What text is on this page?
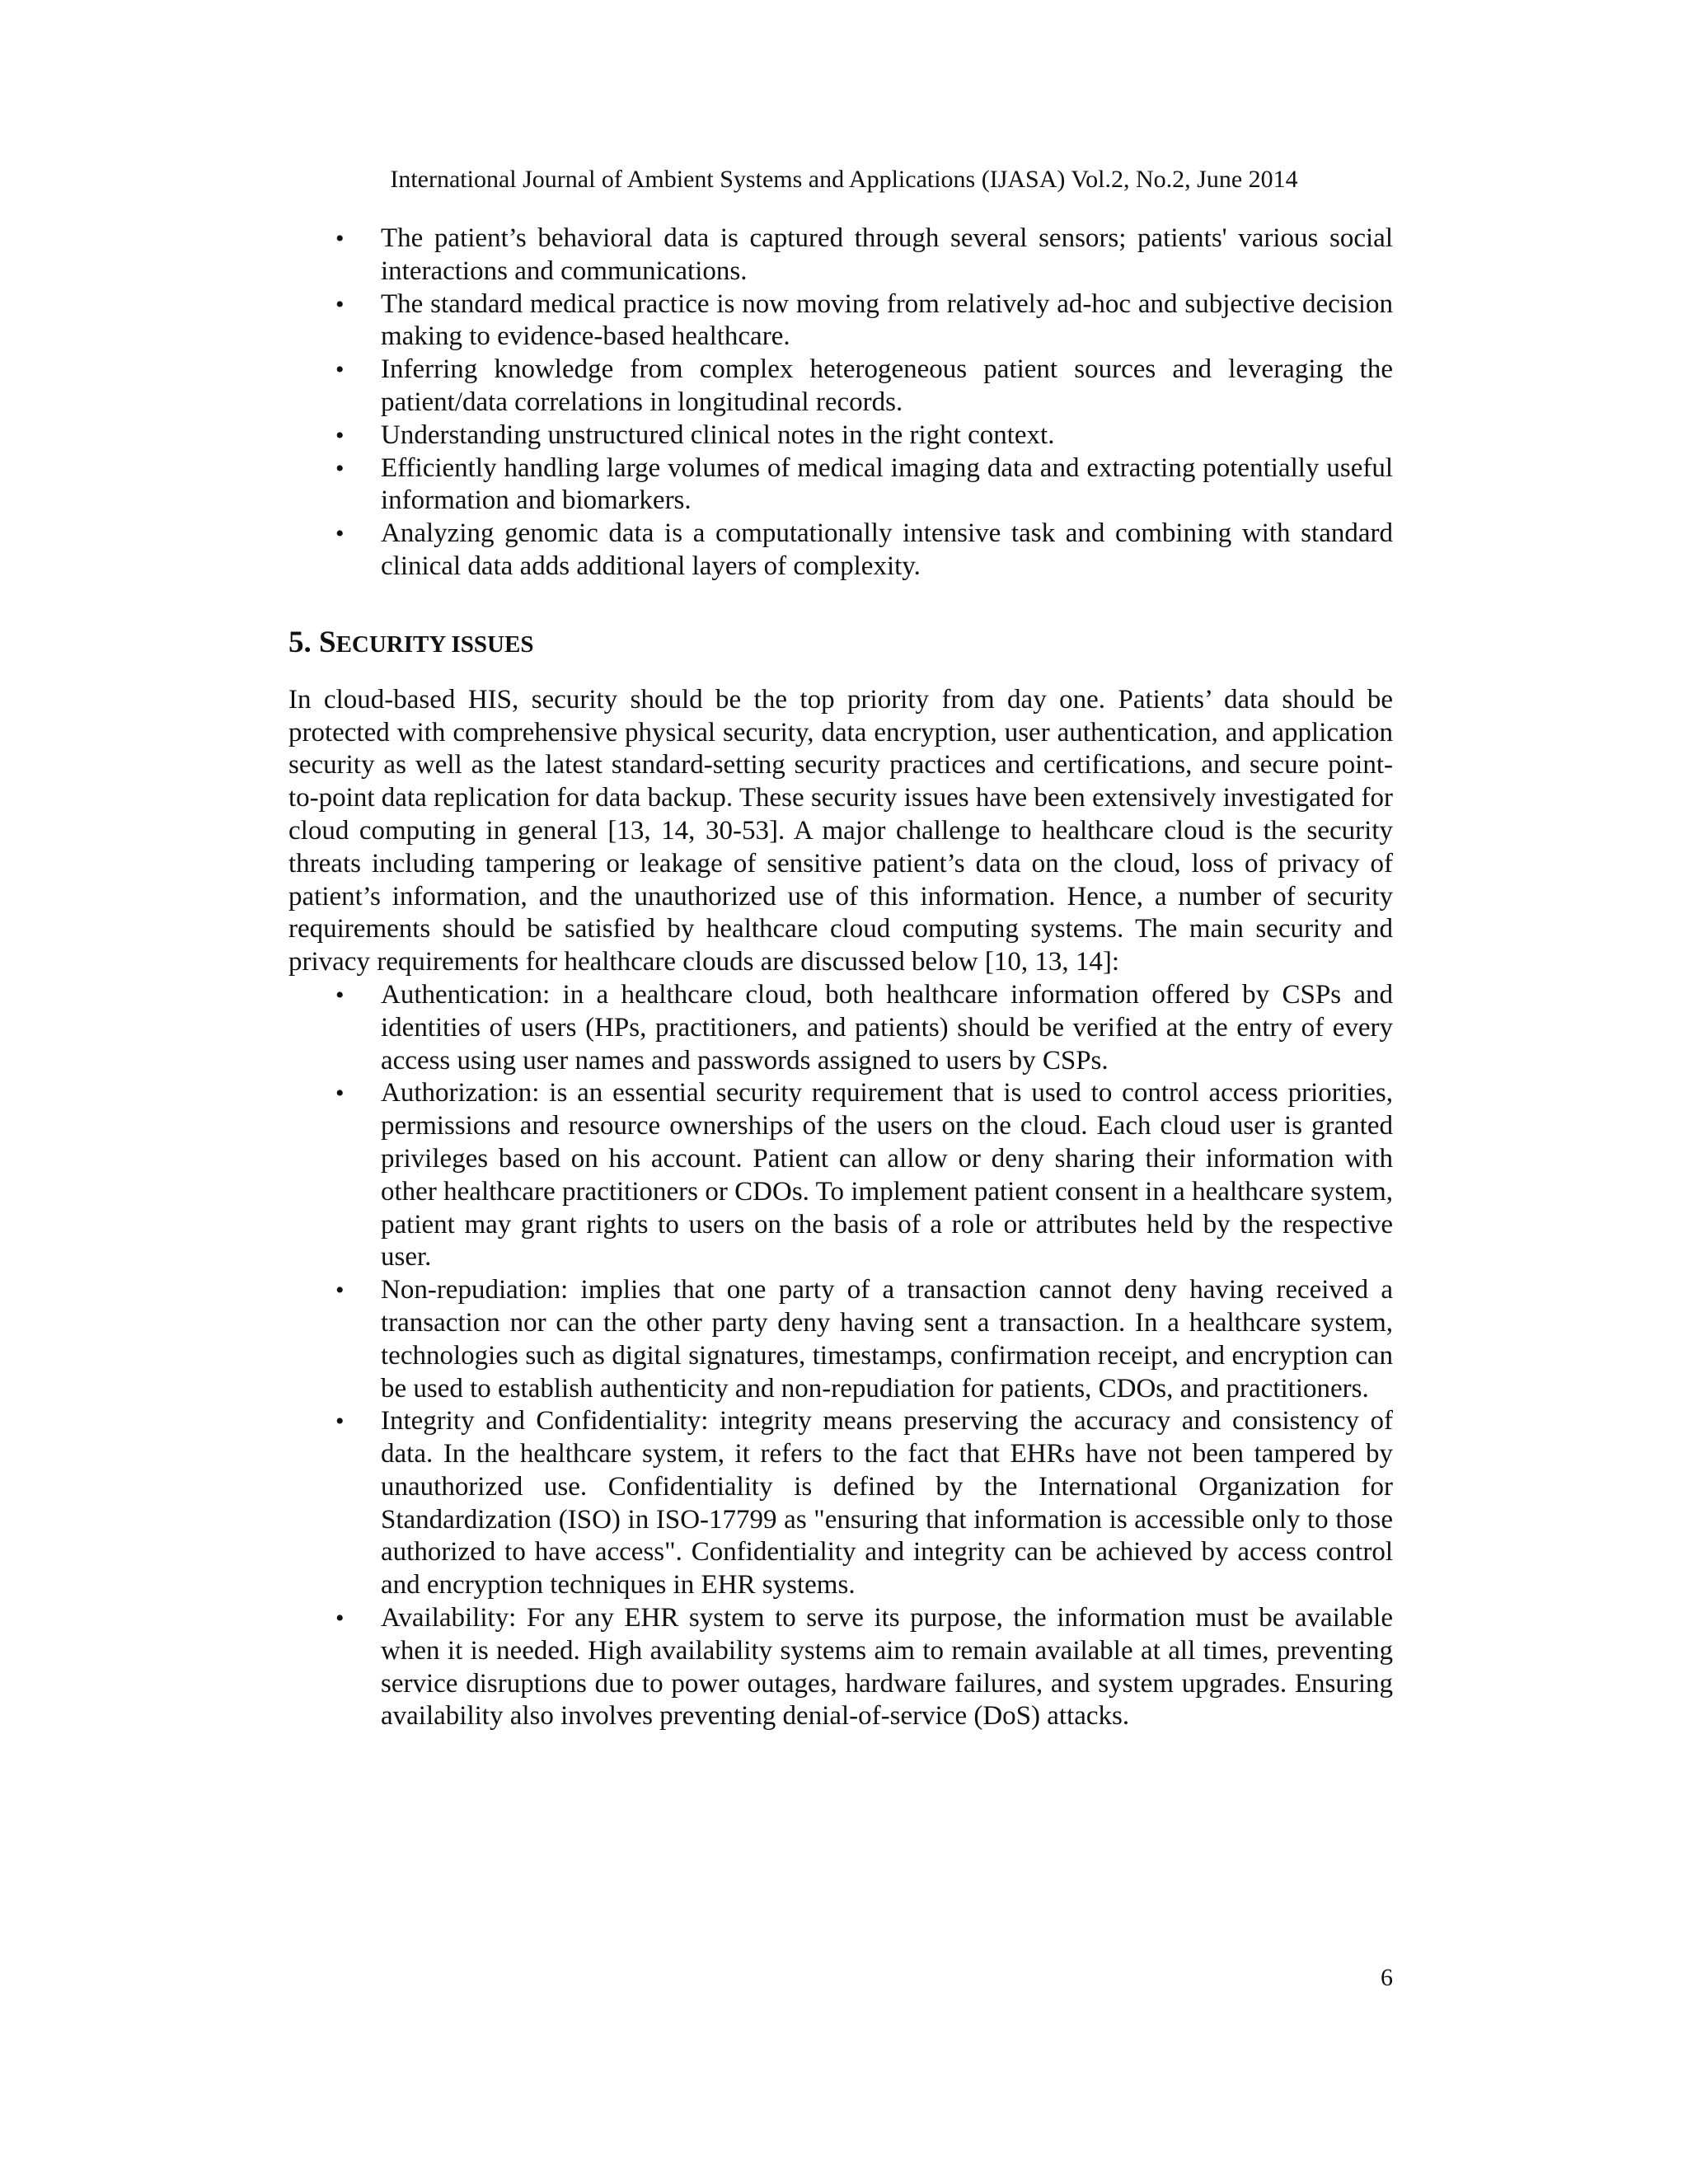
International Journal of Ambient Systems and Applications (IJASA) Vol.2, No.2, June 2014
• The patient’s behavioral data is captured through several sensors; patients' various social interactions and communications.
• The standard medical practice is now moving from relatively ad-hoc and subjective decision making to evidence-based healthcare.
• Inferring knowledge from complex heterogeneous patient sources and leveraging the patient/data correlations in longitudinal records.
• Understanding unstructured clinical notes in the right context.
• Efficiently handling large volumes of medical imaging data and extracting potentially useful information and biomarkers.
• Analyzing genomic data is a computationally intensive task and combining with standard clinical data adds additional layers of complexity.
5. SECURITY ISSUES

In cloud-based HIS, security should be the top priority from day one. Patients’ data should be protected with comprehensive physical security, data encryption, user authentication, and application security as well as the latest standard-setting security practices and certifications, and secure point-to-point data replication for data backup. These security issues have been extensively investigated for cloud computing in general [13, 14, 30-53]. A major challenge to healthcare cloud is the security threats including tampering or leakage of sensitive patient’s data on the cloud, loss of privacy of patient’s information, and the unauthorized use of this information. Hence, a number of security requirements should be satisfied by healthcare cloud computing systems. The main security and privacy requirements for healthcare clouds are discussed below [10, 13, 14]:

• Authentication: in a healthcare cloud, both healthcare information offered by CSPs and identities of users (HPs, practitioners, and patients) should be verified at the entry of every access using user names and passwords assigned to users by CSPs.
• Authorization: is an essential security requirement that is used to control access priorities, permissions and resource ownerships of the users on the cloud. Each cloud user is granted privileges based on his account. Patient can allow or deny sharing their information with other healthcare practitioners or CDOs. To implement patient consent in a healthcare system, patient may grant rights to users on the basis of a role or attributes held by the respective user.
• Non-repudiation: implies that one party of a transaction cannot deny having received a transaction nor can the other party deny having sent a transaction. In a healthcare system, technologies such as digital signatures, timestamps, confirmation receipt, and encryption can be used to establish authenticity and non-repudiation for patients, CDOs, and practitioners.
• Integrity and Confidentiality: integrity means preserving the accuracy and consistency of data. In the healthcare system, it refers to the fact that EHRs have not been tampered by unauthorized use. Confidentiality is defined by the International Organization for Standardization (ISO) in ISO-17799 as "ensuring that information is accessible only to those authorized to have access". Confidentiality and integrity can be achieved by access control and encryption techniques in EHR systems.
• Availability: For any EHR system to serve its purpose, the information must be available when it is needed. High availability systems aim to remain available at all times, preventing service disruptions due to power outages, hardware failures, and system upgrades. Ensuring availability also involves preventing denial-of-service (DoS) attacks.
6
